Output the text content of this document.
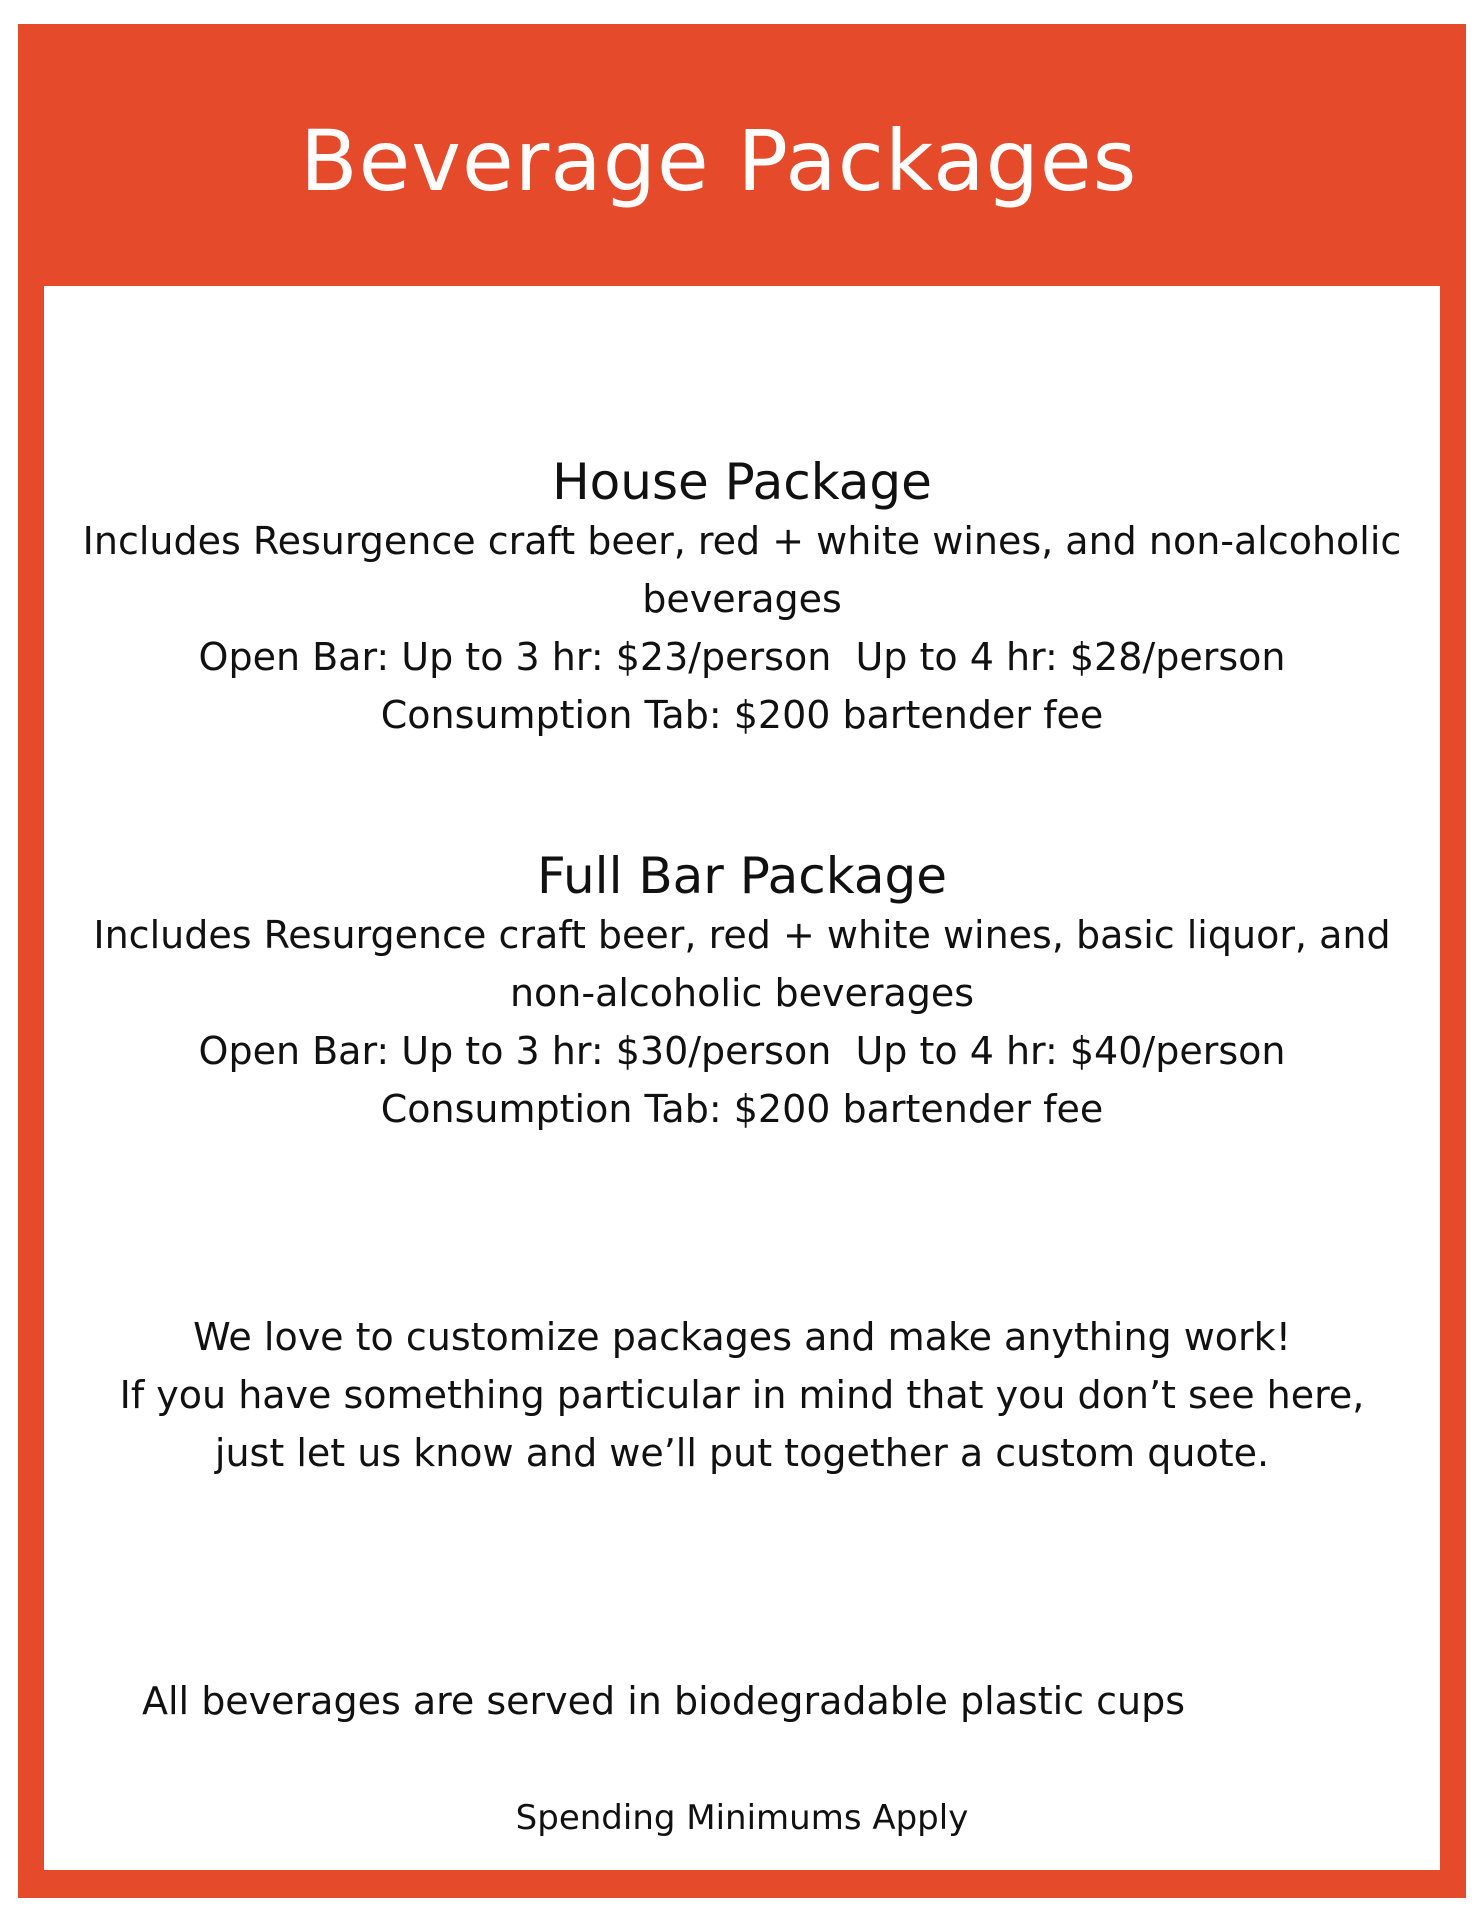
Beverage Packages
House Package

Includes Resurgence craft beer, red + white wines, and non-alcoholic beverages

Open Bar: Up to 3 hr: $23/person  Up to 4 hr: $28/person

Consumption Tab: $200 bartender fee

Full Bar Package

Includes Resurgence craft beer, red + white wines, basic liquor, and non-alcoholic beverages

Open Bar: Up to 3 hr: $30/person  Up to 4 hr: $40/person

Consumption Tab: $200 bartender fee

We love to customize packages and make anything work!
If you have something particular in mind that you don’t see here, just let us know and we’ll put together a custom quote.
All beverages are served in biodegradable plastic cups
Spending Minimums Apply
